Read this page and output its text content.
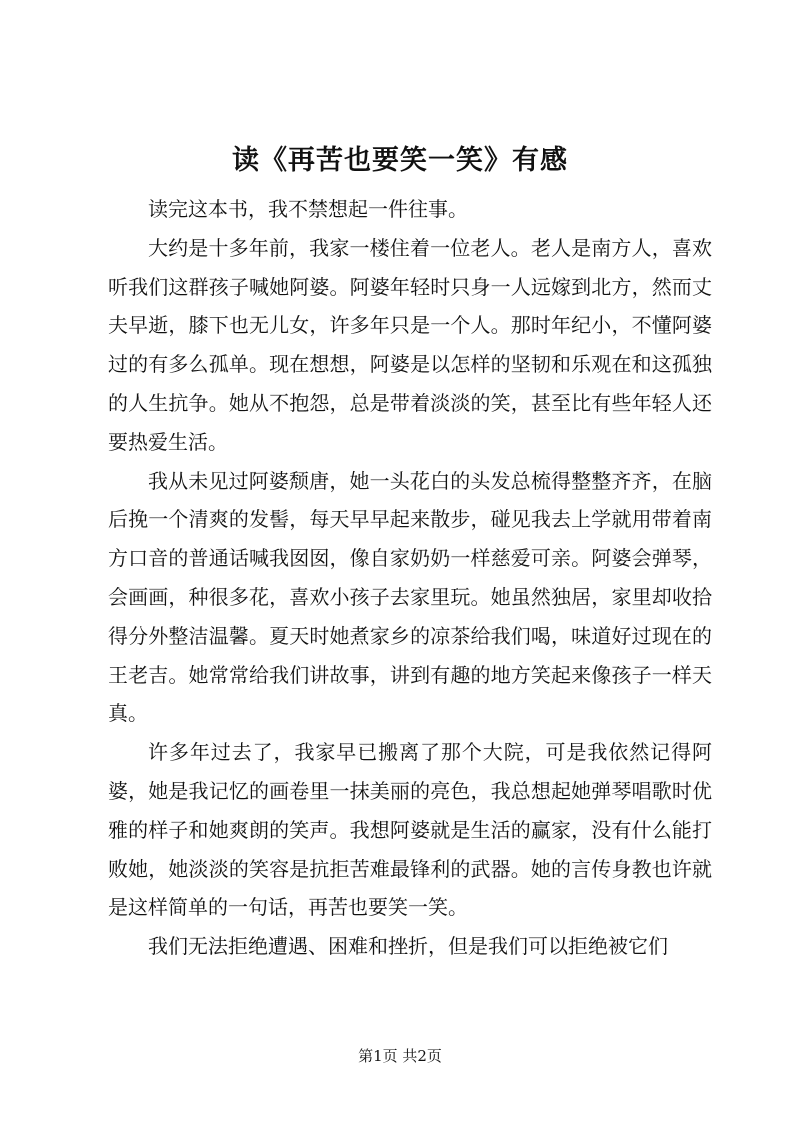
读《再苦也要笑一笑》有感

读完这本书，我不禁想起一件往事。

大约是十多年前，我家一楼住着一位老人。老人是南方人，喜欢听我们这群孩子喊她阿婆。阿婆年轻时只身一人远嫁到北方，然而丈夫早逝，膝下也无儿女，许多年只是一个人。那时年纪小，不懂阿婆过的有多么孤单。现在想想，阿婆是以怎样的坚韧和乐观在和这孤独的人生抗争。她从不抱怨，总是带着淡淡的笑，甚至比有些年轻人还要热爱生活。

我从未见过阿婆颓唐，她一头花白的头发总梳得整整齐齐，在脑后挽一个清爽的发髻，每天早早起来散步，碰见我去上学就用带着南方口音的普通话喊我囡囡，像自家奶奶一样慈爱可亲。阿婆会弹琴，会画画，种很多花，喜欢小孩子去家里玩。她虽然独居，家里却收拾得分外整洁温馨。夏天时她煮家乡的凉茶给我们喝，味道好过现在的王老吉。她常常给我们讲故事，讲到有趣的地方笑起来像孩子一样天真。

许多年过去了，我家早已搬离了那个大院，可是我依然记得阿婆，她是我记忆的画卷里一抹美丽的亮色，我总想起她弹琴唱歌时优雅的样子和她爽朗的笑声。我想阿婆就是生活的赢家，没有什么能打败她，她淡淡的笑容是抗拒苦难最锋利的武器。她的言传身教也许就是这样简单的一句话，再苦也要笑一笑。

我们无法拒绝遭遇、困难和挫折，但是我们可以拒绝被它们

第1页 共2页
